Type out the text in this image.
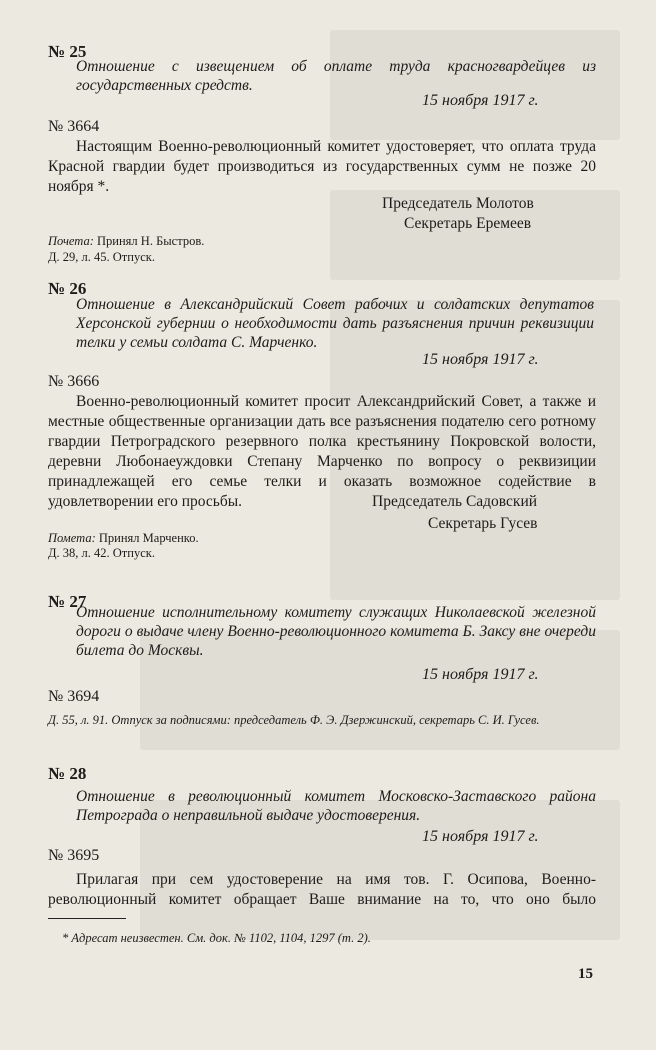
№ 25
Отношение с извещением об оплате труда красногвардейцев из государственных средств.
15 ноября 1917 г.
№ 3664
Настоящим Военно-революционный комитет удостоверяет, что оплата труда Красной гвардии будет производиться из государственных сумм не позже 20 ноября *.
Председатель Молотов
Секретарь Еремеев
Почета: Принял Н. Быстров.
Д. 29, л. 45. Отпуск.
№ 26
Отношение в Александрийский Совет рабочих и солдатских депутатов Херсонской губернии о необходимости дать разъяснения причин реквизиции телки у семьи солдата С. Марченко.
15 ноября 1917 г.
№ 3666
Военно-революционный комитет просит Александрийский Совет, а также и местные общественные организации дать все разъяснения подателю сего ротному гвардии Петроградского резервного полка крестьянину Покровской волости, деревни Любонаеуждовки Степану Марченко по вопросу о реквизиции принадлежащей его семье телки и оказать возможное содействие в удовлетворении его просьбы.	Председатель Садовский
Секретарь Гусев
Помета: Принял Марченко.
Д. 38, л. 42. Отпуск.
№ 27
Отношение исполнительному комитету служащих Николаевской железной дороги о выдаче члену Военно-революционного комитета Б. Заксу вне очереди билета до Москвы.
15 ноября 1917 г.
№ 3694
Д. 55, л. 91. Отпуск за подписями: председатель Ф. Э. Дзержинский, секретарь С. И. Гусев.
№ 28
Отношение в революционный комитет Московско-Заставского района Петрограда о неправильной выдаче удостоверения.
15 ноября 1917 г.
№ 3695
Прилагая при сем удостоверение на имя тов. Г. Осипова, Военно-революционный комитет обращает Ваше внимание на то, что оно было
* Адресат неизвестен. См. док. № 1102, 1104, 1297 (т. 2).
15
